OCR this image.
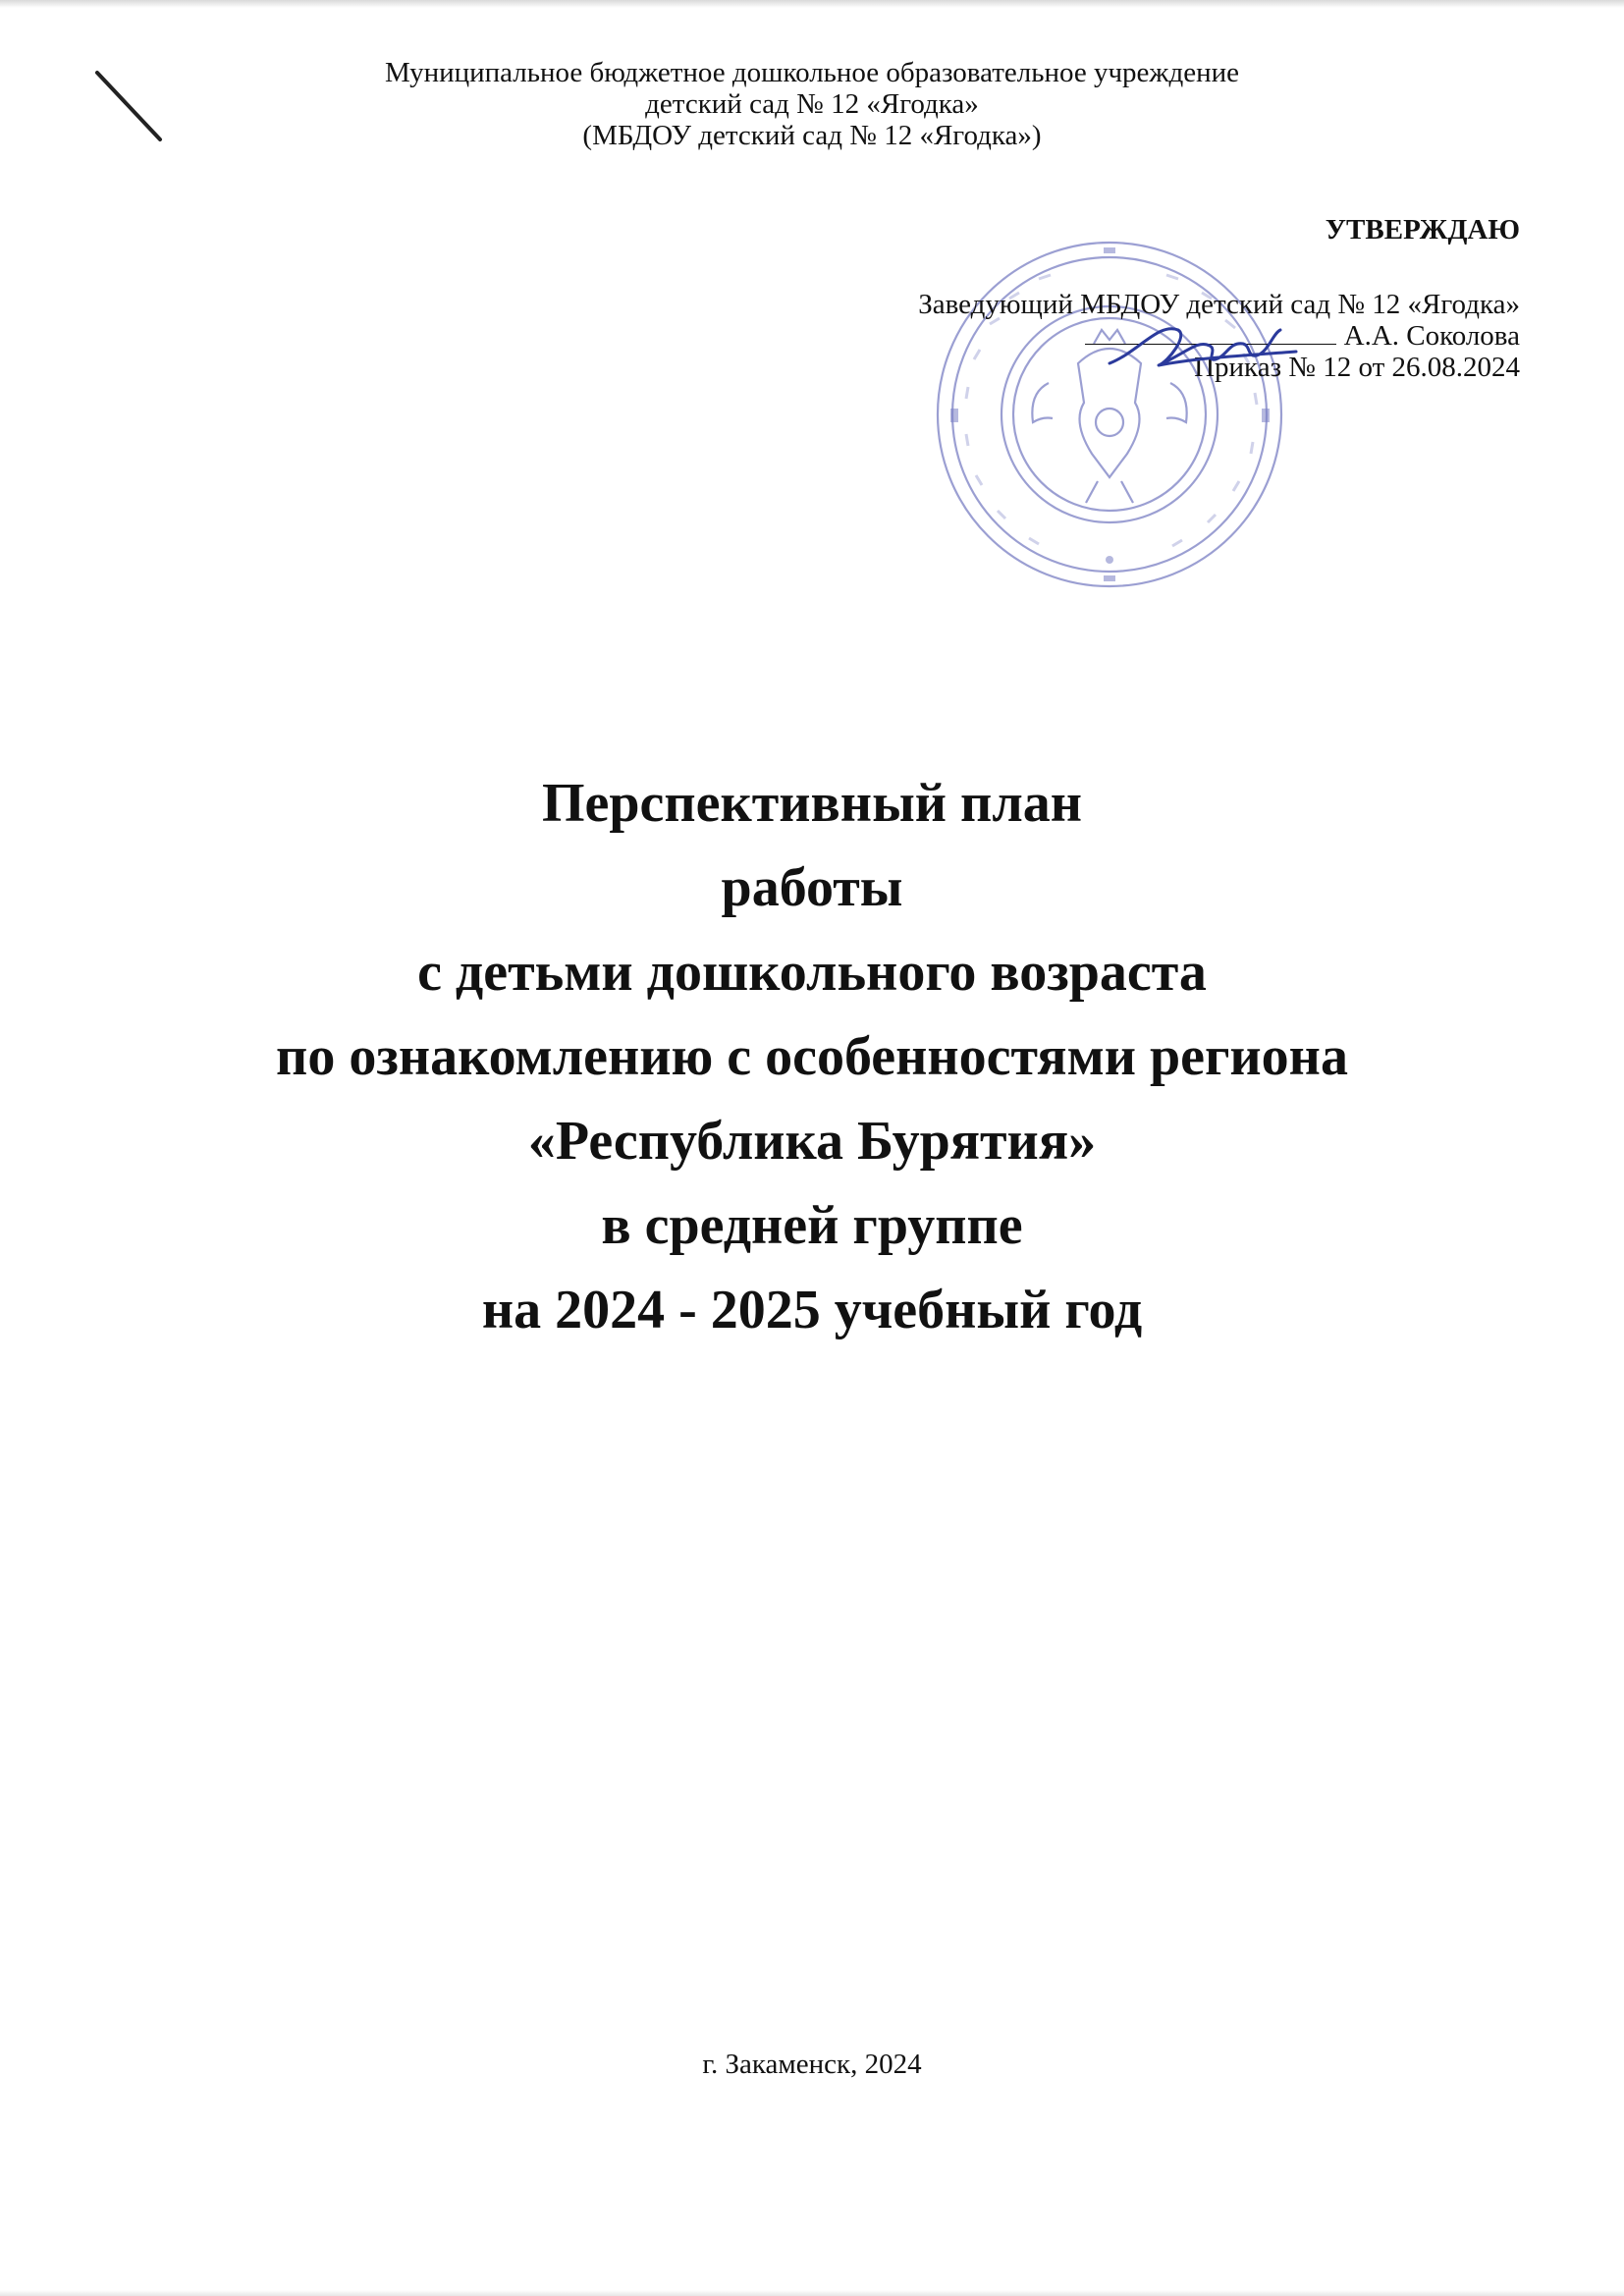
Муниципальное бюджетное дошкольное образовательное учреждение
детский сад № 12 «Ягодка»
(МБДОУ детский сад № 12 «Ягодка»)
УТВЕРЖДАЮ
Заведующий МБДОУ детский сад № 12 «Ягодка»
А.А. Соколова
Приказ № 12 от 26.08.2024
Перспективный план
работы
с детьми дошкольного возраста
по ознакомлению с особенностями региона
«Республика Бурятия»
в средней группе
на 2024 - 2025 учебный год
г. Закаменск, 2024
